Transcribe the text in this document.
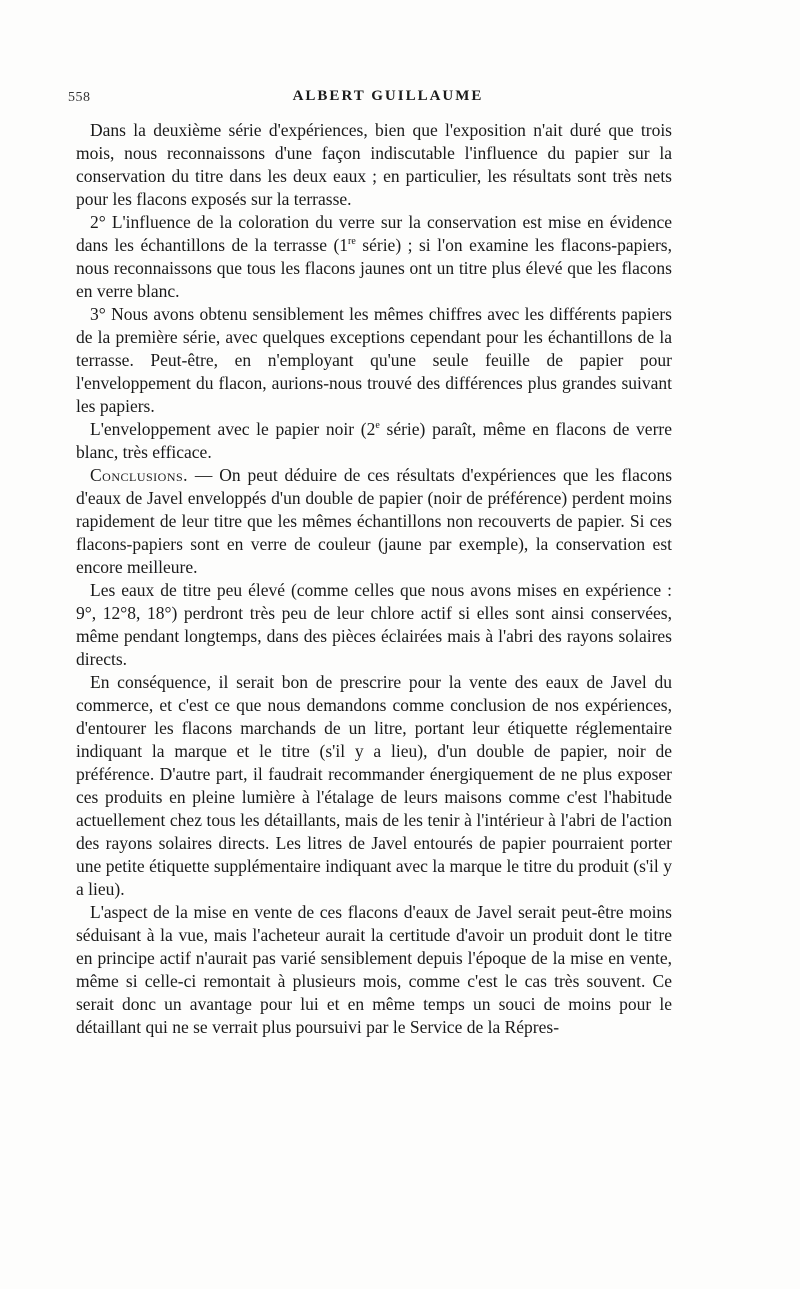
558	ALBERT GUILLAUME

Dans la deuxième série d'expériences, bien que l'exposition n'ait duré que trois mois, nous reconnaissons d'une façon indiscutable l'influence du papier sur la conservation du titre dans les deux eaux ; en particulier, les résultats sont très nets pour les flacons exposés sur la terrasse.

2° L'influence de la coloration du verre sur la conservation est mise en évidence dans les échantillons de la terrasse (1re série) ; si l'on examine les flacons-papiers, nous reconnaissons que tous les flacons jaunes ont un titre plus élevé que les flacons en verre blanc.

3° Nous avons obtenu sensiblement les mêmes chiffres avec les différents papiers de la première série, avec quelques exceptions cependant pour les échantillons de la terrasse. Peut-être, en n'employant qu'une seule feuille de papier pour l'enveloppement du flacon, aurions-nous trouvé des différences plus grandes suivant les papiers.

L'enveloppement avec le papier noir (2e série) paraît, même en flacons de verre blanc, très efficace.

Conclusions. — On peut déduire de ces résultats d'expériences que les flacons d'eaux de Javel enveloppés d'un double de papier (noir de préférence) perdent moins rapidement de leur titre que les mêmes échantillons non recouverts de papier. Si ces flacons-papiers sont en verre de couleur (jaune par exemple), la conservation est encore meilleure.

Les eaux de titre peu élevé (comme celles que nous avons mises en expérience : 9°, 12°8, 18°) perdront très peu de leur chlore actif si elles sont ainsi conservées, même pendant longtemps, dans des pièces éclairées mais à l'abri des rayons solaires directs.

En conséquence, il serait bon de prescrire pour la vente des eaux de Javel du commerce, et c'est ce que nous demandons comme conclusion de nos expériences, d'entourer les flacons marchands de un litre, portant leur étiquette réglementaire indiquant la marque et le titre (s'il y a lieu), d'un double de papier, noir de préférence. D'autre part, il faudrait recommander énergiquement de ne plus exposer ces produits en pleine lumière à l'étalage de leurs maisons comme c'est l'habitude actuellement chez tous les détaillants, mais de les tenir à l'intérieur à l'abri de l'action des rayons solaires directs. Les litres de Javel entourés de papier pourraient porter une petite étiquette supplémentaire indiquant avec la marque le titre du produit (s'il y a lieu).

L'aspect de la mise en vente de ces flacons d'eaux de Javel serait peut-être moins séduisant à la vue, mais l'acheteur aurait la certitude d'avoir un produit dont le titre en principe actif n'aurait pas varié sensiblement depuis l'époque de la mise en vente, même si celle-ci remontait à plusieurs mois, comme c'est le cas très souvent. Ce serait donc un avantage pour lui et en même temps un souci de moins pour le détaillant qui ne se verrait plus poursuivi par le Service de la Répres-
